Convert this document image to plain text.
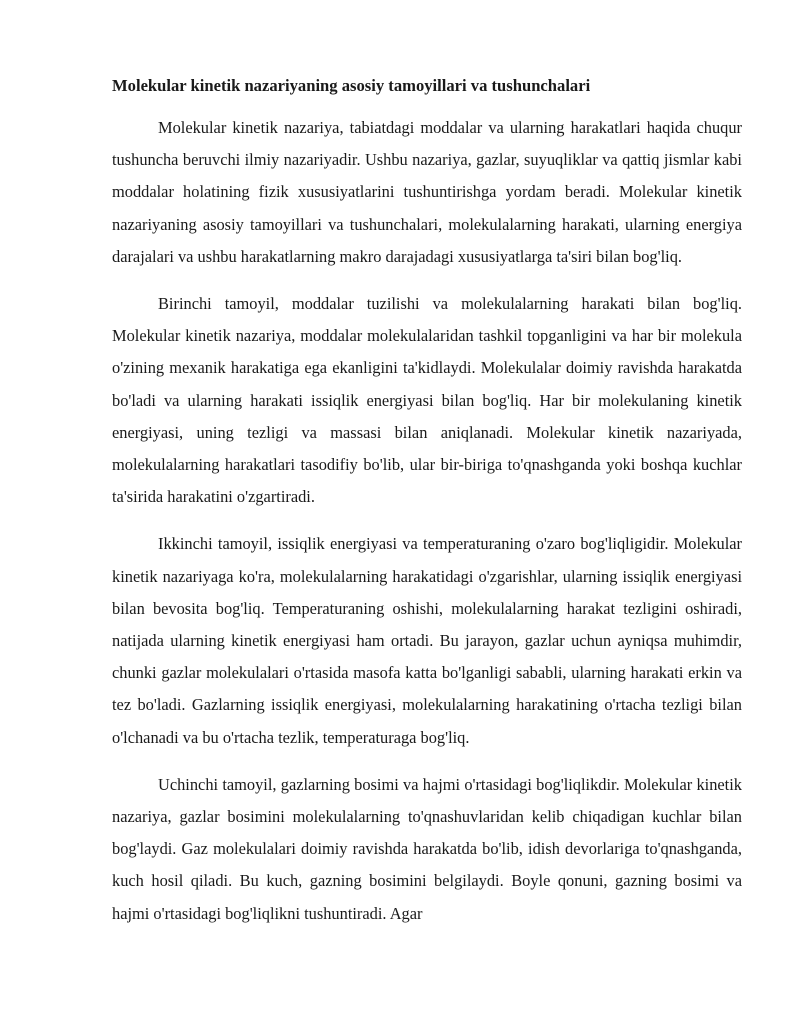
Molekular kinetik nazariyaning asosiy tamoyillari va tushunchalari

Molekular kinetik nazariya, tabiatdagi moddalar va ularning harakatlari haqida chuqur tushuncha beruvchi ilmiy nazariyadir. Ushbu nazariya, gazlar, suyuqliklar va qattiq jismlar kabi moddalar holatining fizik xususiyatlarini tushuntirishga yordam beradi. Molekular kinetik nazariyaning asosiy tamoyillari va tushunchalari, molekulalarning harakati, ularning energiya darajalari va ushbu harakatlarning makro darajadagi xususiyatlarga ta'siri bilan bog'liq.

Birinchi tamoyil, moddalar tuzilishi va molekulalarning harakati bilan bog'liq. Molekular kinetik nazariya, moddalar molekulalaridan tashkil topganligini va har bir molekula o'zining mexanik harakatiga ega ekanligini ta'kidlaydi. Molekulalar doimiy ravishda harakatda bo'ladi va ularning harakati issiqlik energiyasi bilan bog'liq. Har bir molekulaning kinetik energiyasi, uning tezligi va massasi bilan aniqlanadi. Molekular kinetik nazariyada, molekulalarning harakatlari tasodifiy bo'lib, ular bir-biriga to'qnashganda yoki boshqa kuchlar ta'sirida harakatini o'zgartiradi.

Ikkinchi tamoyil, issiqlik energiyasi va temperaturaning o'zaro bog'liqligidir. Molekular kinetik nazariyaga ko'ra, molekulalarning harakatidagi o'zgarishlar, ularning issiqlik energiyasi bilan bevosita bog'liq. Temperaturaning oshishi, molekulalarning harakat tezligini oshiradi, natijada ularning kinetik energiyasi ham ortadi. Bu jarayon, gazlar uchun ayniqsa muhimdir, chunki gazlar molekulalari o'rtasida masofa katta bo'lganligi sababli, ularning harakati erkin va tez bo'ladi. Gazlarning issiqlik energiyasi, molekulalarning harakatining o'rtacha tezligi bilan o'lchanadi va bu o'rtacha tezlik, temperaturaga bog'liq.

Uchinchi tamoyil, gazlarning bosimi va hajmi o'rtasidagi bog'liqlikdir. Molekular kinetik nazariya, gazlar bosimini molekulalarning to'qnashuvlaridan kelib chiqadigan kuchlar bilan bog'laydi. Gaz molekulalari doimiy ravishda harakatda bo'lib, idish devorlariga to'qnashganda, kuch hosil qiladi. Bu kuch, gazning bosimini belgilaydi. Boyle qonuni, gazning bosimi va hajmi o'rtasidagi bog'liqlikni tushuntiradi. Agar
